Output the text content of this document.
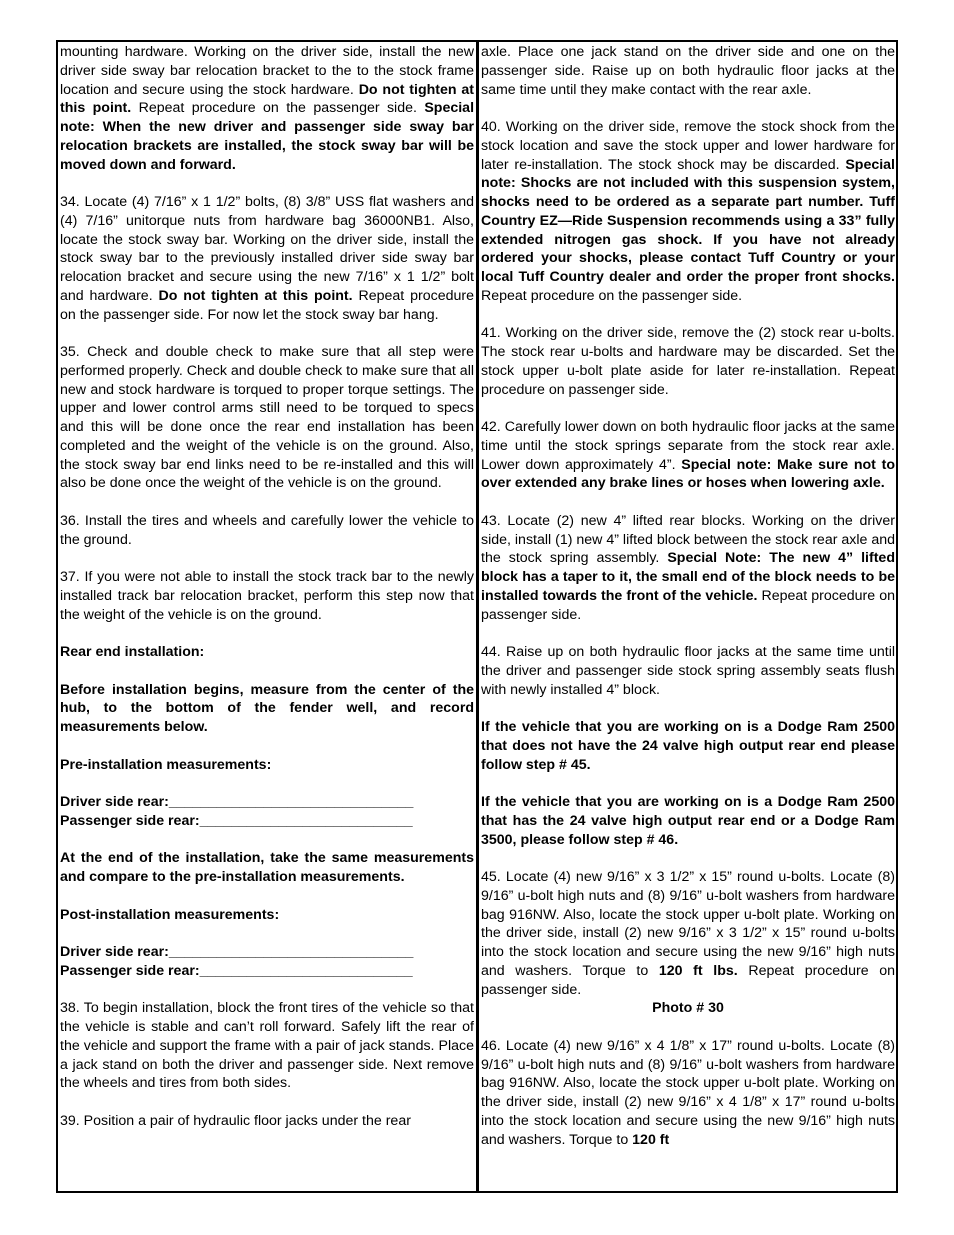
mounting hardware. Working on the driver side, install the new driver side sway bar relocation bracket to the to the stock frame location and secure using the stock hardware. Do not tighten at this point. Repeat procedure on the passenger side. Special note: When the new driver and passenger side sway bar relocation brackets are installed, the stock sway bar will be moved down and forward.

34. Locate (4) 7/16” x 1 1/2” bolts, (8) 3/8” USS flat washers and (4) 7/16” unitorque nuts from hardware bag 36000NB1. Also, locate the stock sway bar. Working on the driver side, install the stock sway bar to the previously installed driver side sway bar relocation bracket and secure using the new 7/16” x 1 1/2” bolt and hardware. Do not tighten at this point. Repeat procedure on the passenger side. For now let the stock sway bar hang.

35. Check and double check to make sure that all step were performed properly. Check and double check to make sure that all new and stock hardware is torqued to proper torque settings. The upper and lower control arms still need to be torqued to specs and this will be done once the rear end installation has been completed and the weight of the vehicle is on the ground. Also, the stock sway bar end links need to be re-installed and this will also be done once the weight of the vehicle is on the ground.

36. Install the tires and wheels and carefully lower the vehicle to the ground.

37. If you were not able to install the stock track bar to the newly installed track bar relocation bracket, perform this step now that the weight of the vehicle is on the ground.

Rear end installation:

Before installation begins, measure from the center of the hub, to the bottom of the fender well, and record measurements below.

Pre-installation measurements:

Driver side rear:_______________________________

Passenger side rear:___________________________

At the end of the installation, take the same measurements and compare to the pre-installation measurements.

Post-installation measurements:

Driver side rear:_______________________________

Passenger side rear:___________________________

38. To begin installation, block the front tires of the vehicle so that the vehicle is stable and can’t roll forward. Safely lift the rear of the vehicle and support the frame with a pair of jack stands. Place a jack stand on both the driver and passenger side. Next remove the wheels and tires from both sides.

39. Position a pair of hydraulic floor jacks under the rear

axle. Place one jack stand on the driver side and one on the passenger side. Raise up on both hydraulic floor jacks at the same time until they make contact with the rear axle.

40. Working on the driver side, remove the stock shock from the stock location and save the stock upper and lower hardware for later re-installation. The stock shock may be discarded. Special note: Shocks are not included with this suspension system, shocks need to be ordered as a separate part number. Tuff Country EZ—Ride Suspension recommends using a 33” fully extended nitrogen gas shock. If you have not already ordered your shocks, please contact Tuff Country or your local Tuff Country dealer and order the proper front shocks. Repeat procedure on the passenger side.

41. Working on the driver side, remove the (2) stock rear u-bolts. The stock rear u-bolts and hardware may be discarded. Set the stock upper u-bolt plate aside for later re-installation. Repeat procedure on passenger side.

42. Carefully lower down on both hydraulic floor jacks at the same time until the stock springs separate from the stock rear axle. Lower down approximately 4”. Special note: Make sure not to over extended any brake lines or hoses when lowering axle.

43. Locate (2) new 4” lifted rear blocks. Working on the driver side, install (1) new 4” lifted block between the stock rear axle and the stock spring assembly. Special Note: The new 4” lifted block has a taper to it, the small end of the block needs to be installed towards the front of the vehicle. Repeat procedure on passenger side.

44. Raise up on both hydraulic floor jacks at the same time until the driver and passenger side stock spring assembly seats flush with newly installed 4” block.

If the vehicle that you are working on is a Dodge Ram 2500 that does not have the 24 valve high output rear end please follow step # 45.

If the vehicle that you are working on is a Dodge Ram 2500 that has the 24 valve high output rear end or a Dodge Ram 3500, please follow step # 46.

45. Locate (4) new 9/16” x 3 1/2” x 15” round u-bolts. Locate (8) 9/16” u-bolt high nuts and (8) 9/16” u-bolt washers from hardware bag 916NW. Also, locate the stock upper u-bolt plate. Working on the driver side, install (2) new 9/16” x 3 1/2” x 15” round u-bolts into the stock location and secure using the new 9/16” high nuts and washers. Torque to 120 ft lbs. Repeat procedure on passenger side.

Photo # 30

46. Locate (4) new 9/16” x 4 1/8” x 17” round u-bolts. Locate (8) 9/16” u-bolt high nuts and (8) 9/16” u-bolt washers from hardware bag 916NW. Also, locate the stock upper u-bolt plate. Working on the driver side, install (2) new 9/16” x 4 1/8” x 17” round u-bolts into the stock location and secure using the new 9/16” high nuts and washers. Torque to 120 ft
